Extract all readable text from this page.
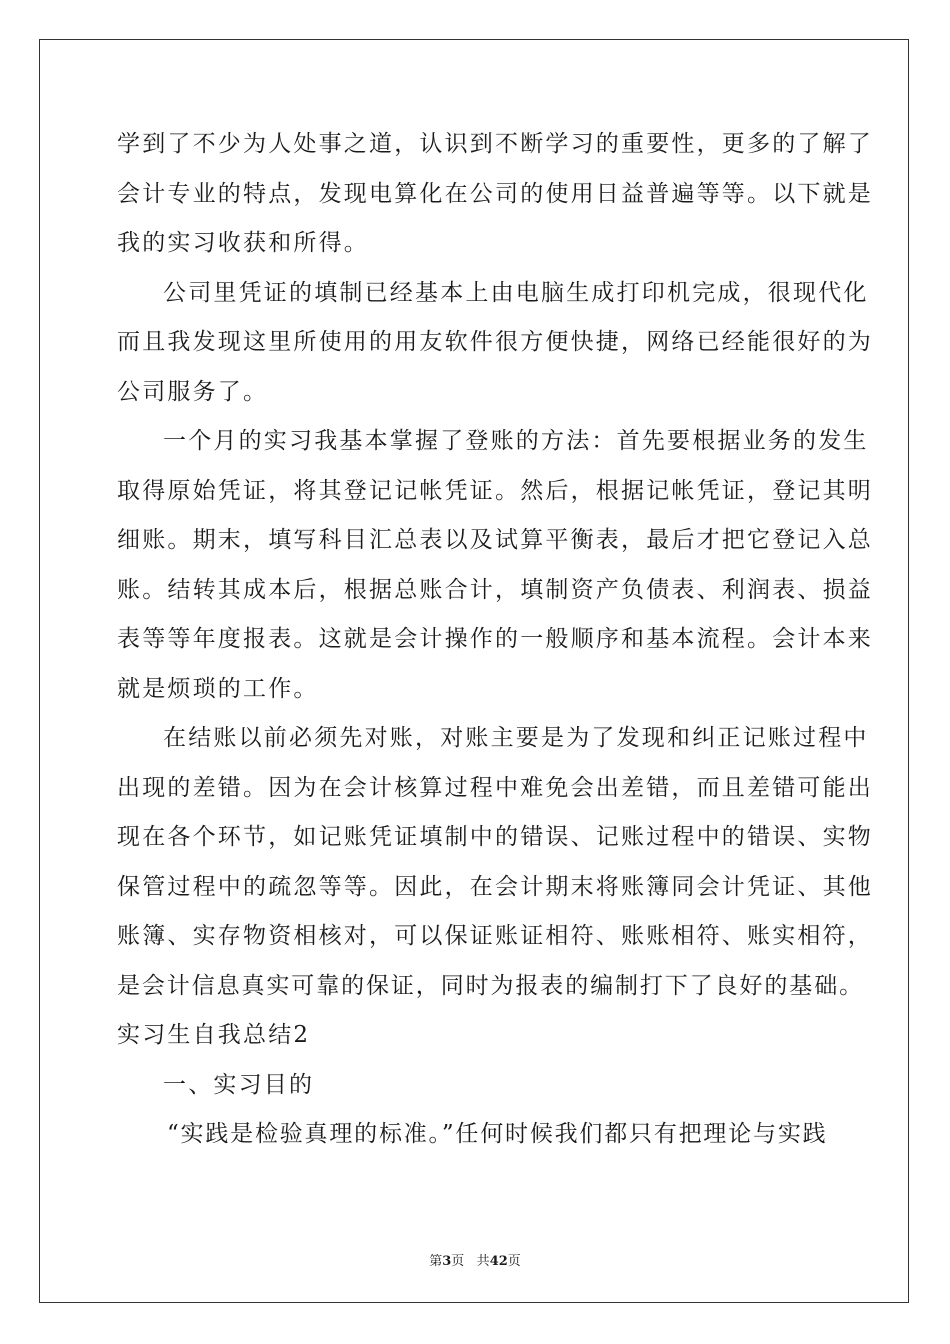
学到了不少为人处事之道，认识到不断学习的重要性，更多的了解了
会计专业的特点，发现电算化在公司的使用日益普遍等等。以下就是
我的实习收获和所得。
公司里凭证的填制已经基本上由电脑生成打印机完成，很现代化
而且我发现这里所使用的用友软件很方便快捷，网络已经能很好的为
公司服务了。
一个月的实习我基本掌握了登账的方法：首先要根据业务的发生
取得原始凭证，将其登记记帐凭证。然后，根据记帐凭证，登记其明
细账。期末，填写科目汇总表以及试算平衡表，最后才把它登记入总
账。结转其成本后，根据总账合计，填制资产负债表、利润表、损益
表等等年度报表。这就是会计操作的一般顺序和基本流程。会计本来
就是烦琐的工作。
在结账以前必须先对账，对账主要是为了发现和纠正记账过程中
出现的差错。因为在会计核算过程中难免会出差错，而且差错可能出
现在各个环节，如记账凭证填制中的错误、记账过程中的错误、实物
保管过程中的疏忽等等。因此，在会计期末将账簿同会计凭证、其他
账簿、实存物资相核对，可以保证账证相符、账账相符、账实相符，
是会计信息真实可靠的保证，同时为报表的编制打下了良好的基础。
实习生自我总结2
一、实习目的
“实践是检验真理的标准。”任何时候我们都只有把理论与实践
第3页 共42页
